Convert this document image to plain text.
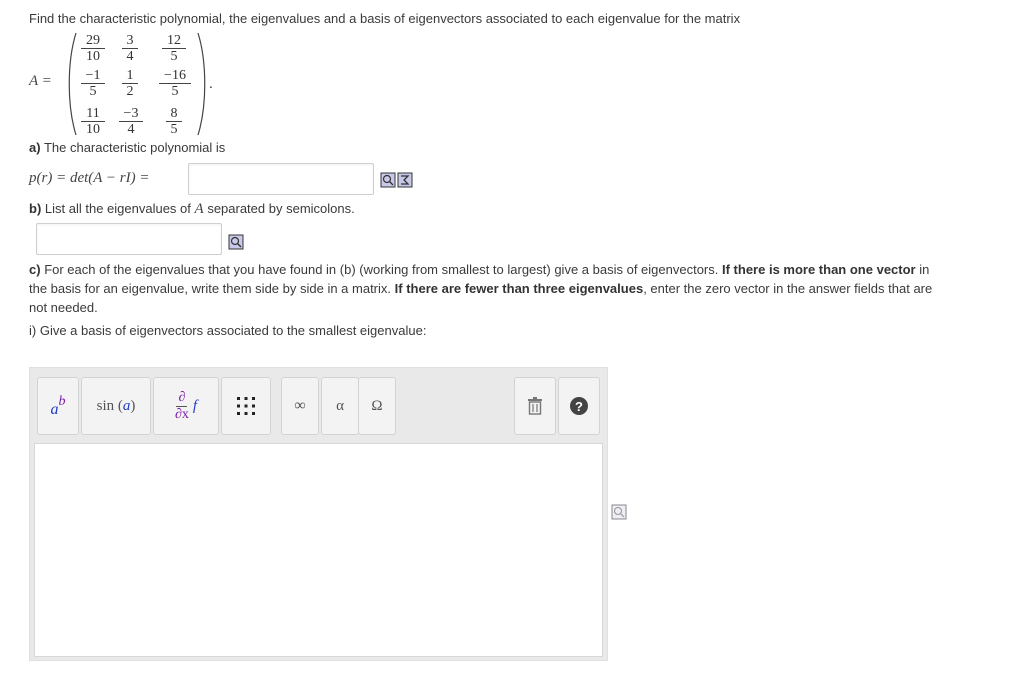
Find the characteristic polynomial, the eigenvalues and a basis of eigenvectors associated to each eigenvalue for the matrix
A =
29
10
3
4
12
5
−1
5
1
2
−16
5
11
10
−3
4
8
5
.
a) The characteristic polynomial is
p(r) = det(A − rI) =
b) List all the eigenvalues of A separated by semicolons.
c) For each of the eigenvalues that you have found in (b) (working from smallest to largest) give a basis of eigenvectors. If there is more than one vector in
the basis for an eigenvalue, write them side by side in a matrix. If there are fewer than three eigenvalues, enter the zero vector in the answer fields that are
not needed.
i) Give a basis of eigenvectors associated to the smallest eigenvalue:
a b sin ( a )
∂
∂x
f	∞ α Ω	?
